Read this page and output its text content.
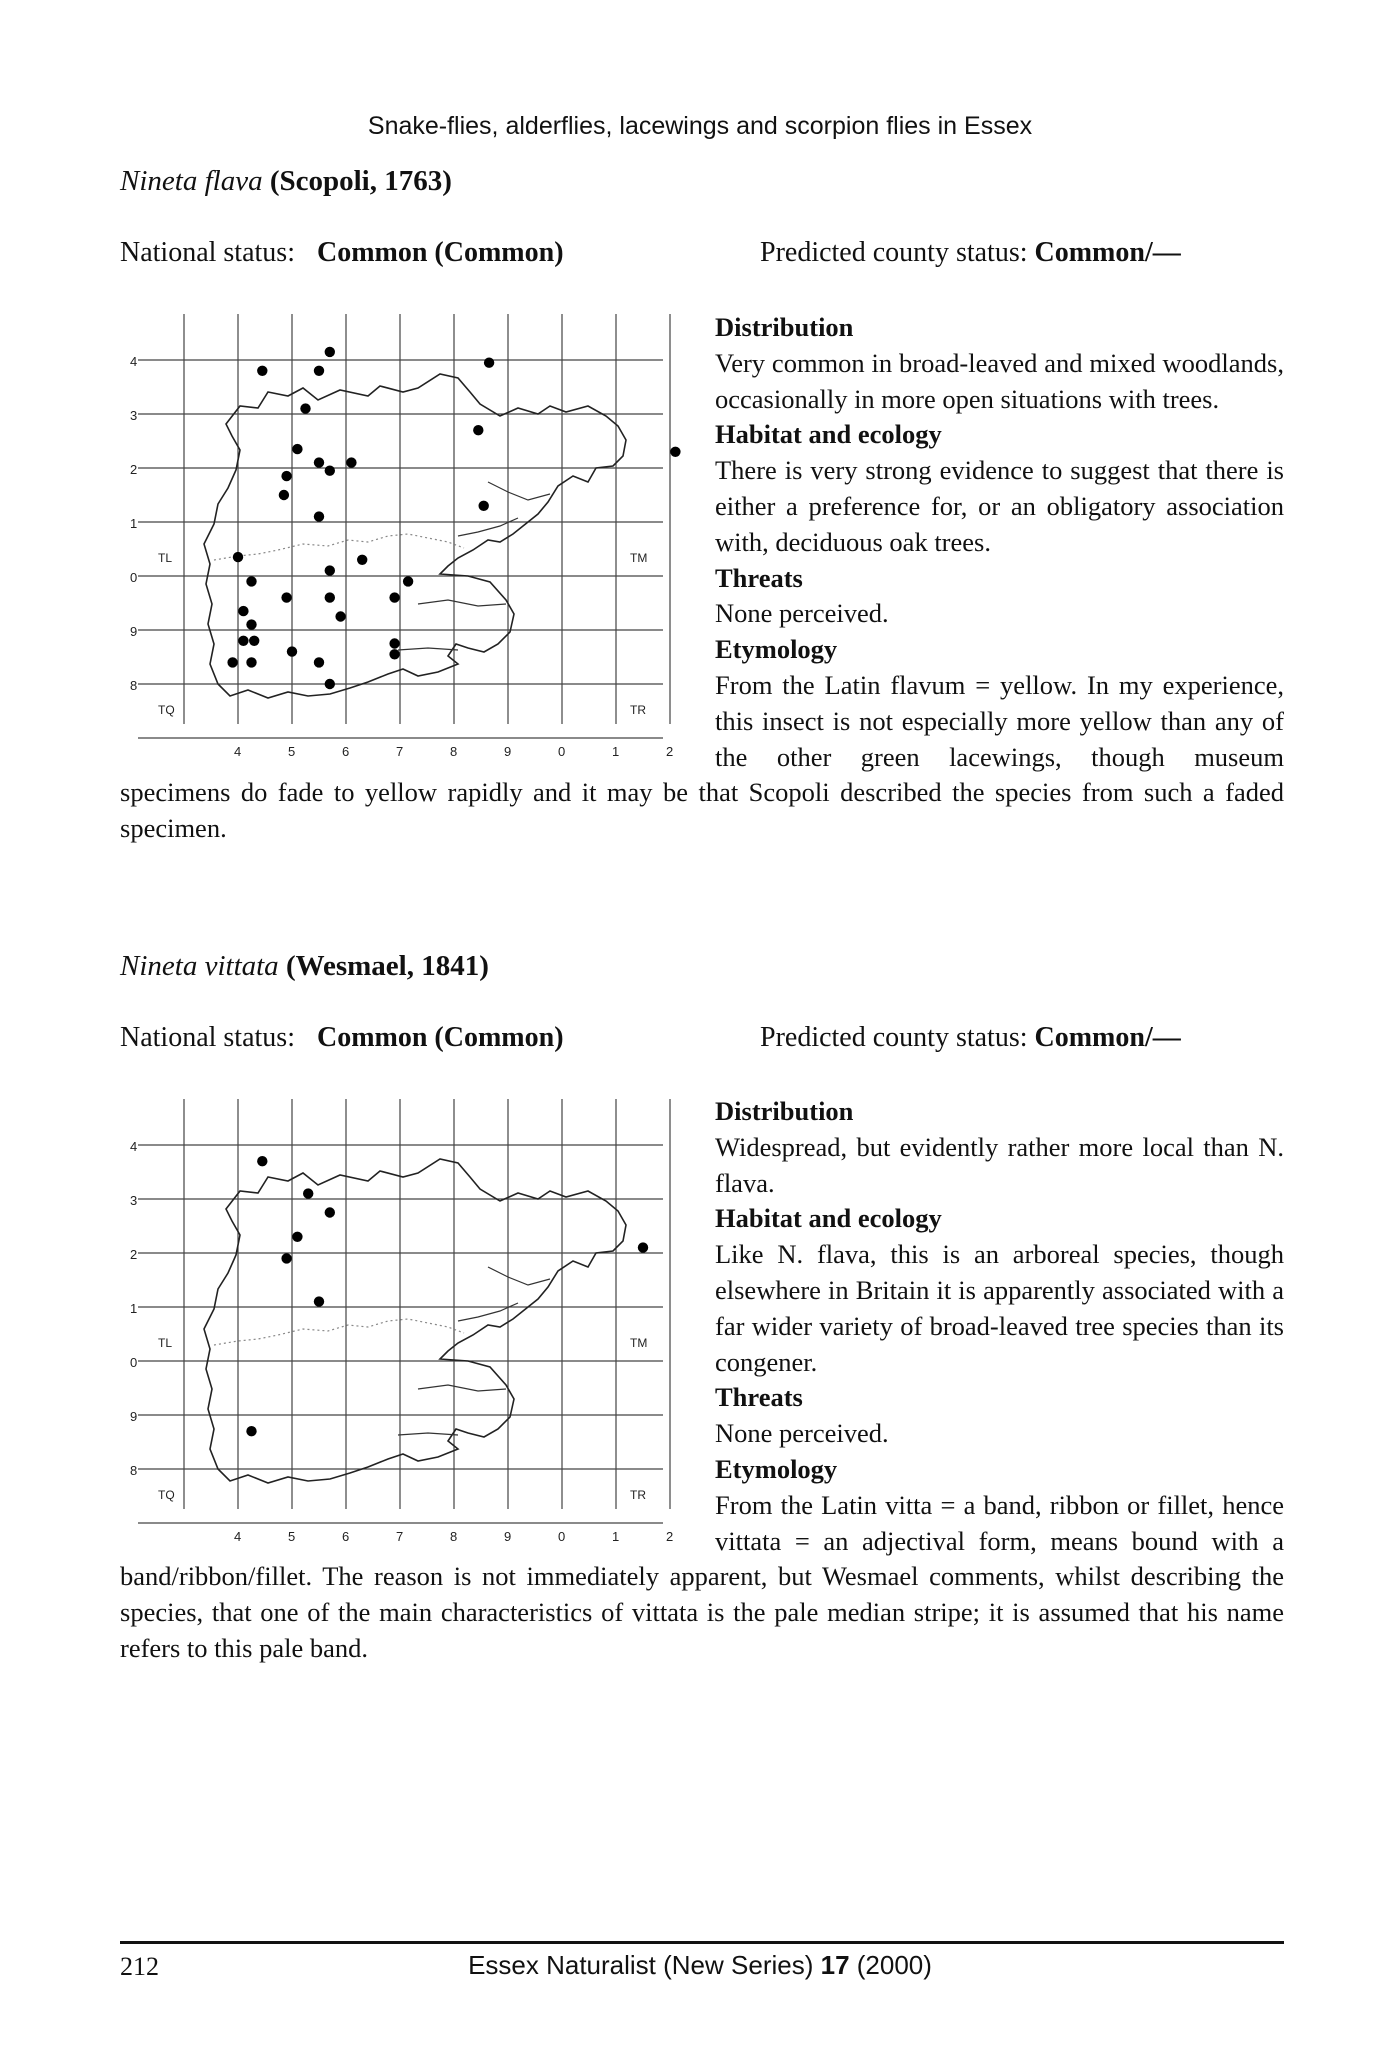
Snake-flies, alderflies, lacewings and scorpion flies in Essex
Nineta flava (Scopoli, 1763)
National status: Common (Common)	Predicted county status: Common/—
4
3
2
1
0
9
8
4	5	6	7	8	9	0	1	2
TL	TM
TQ	TR
Distribution

Very common in broad-leaved and mixed woodlands, occasionally in more open situations with trees.

Habitat and ecology

There is very strong evidence to suggest that there is either a preference for, or an obligatory association with, deciduous oak trees.

Threats

None perceived.

Etymology

From the Latin flavum = yellow. In my experience, this insect is not especially more yellow than any of the other green lacewings, though museum specimens do fade to yellow rapidly and it may be that Scopoli described the species from such a faded specimen.

Nineta vittata (Wesmael, 1841)
National status: Common (Common)	Predicted county status: Common/—
4
3
2
1
0
9
8
4	5	6	7	8	9	0	1	2
TL	TM
TQ	TR
Distribution

Widespread, but evidently rather more local than N. flava.

Habitat and ecology

Like N. flava, this is an arboreal species, though elsewhere in Britain it is apparently associated with a far wider variety of broad-leaved tree species than its congener.

Threats

None perceived.

Etymology

From the Latin vitta = a band, ribbon or fillet, hence vittata = an adjectival form, means bound with a band/ribbon/fillet. The reason is not immediately apparent, but Wesmael comments, whilst describing the species, that one of the main characteristics of vittata is the pale median stripe; it is assumed that his name refers to this pale band.

212	Essex Naturalist (New Series) 17 (2000)
